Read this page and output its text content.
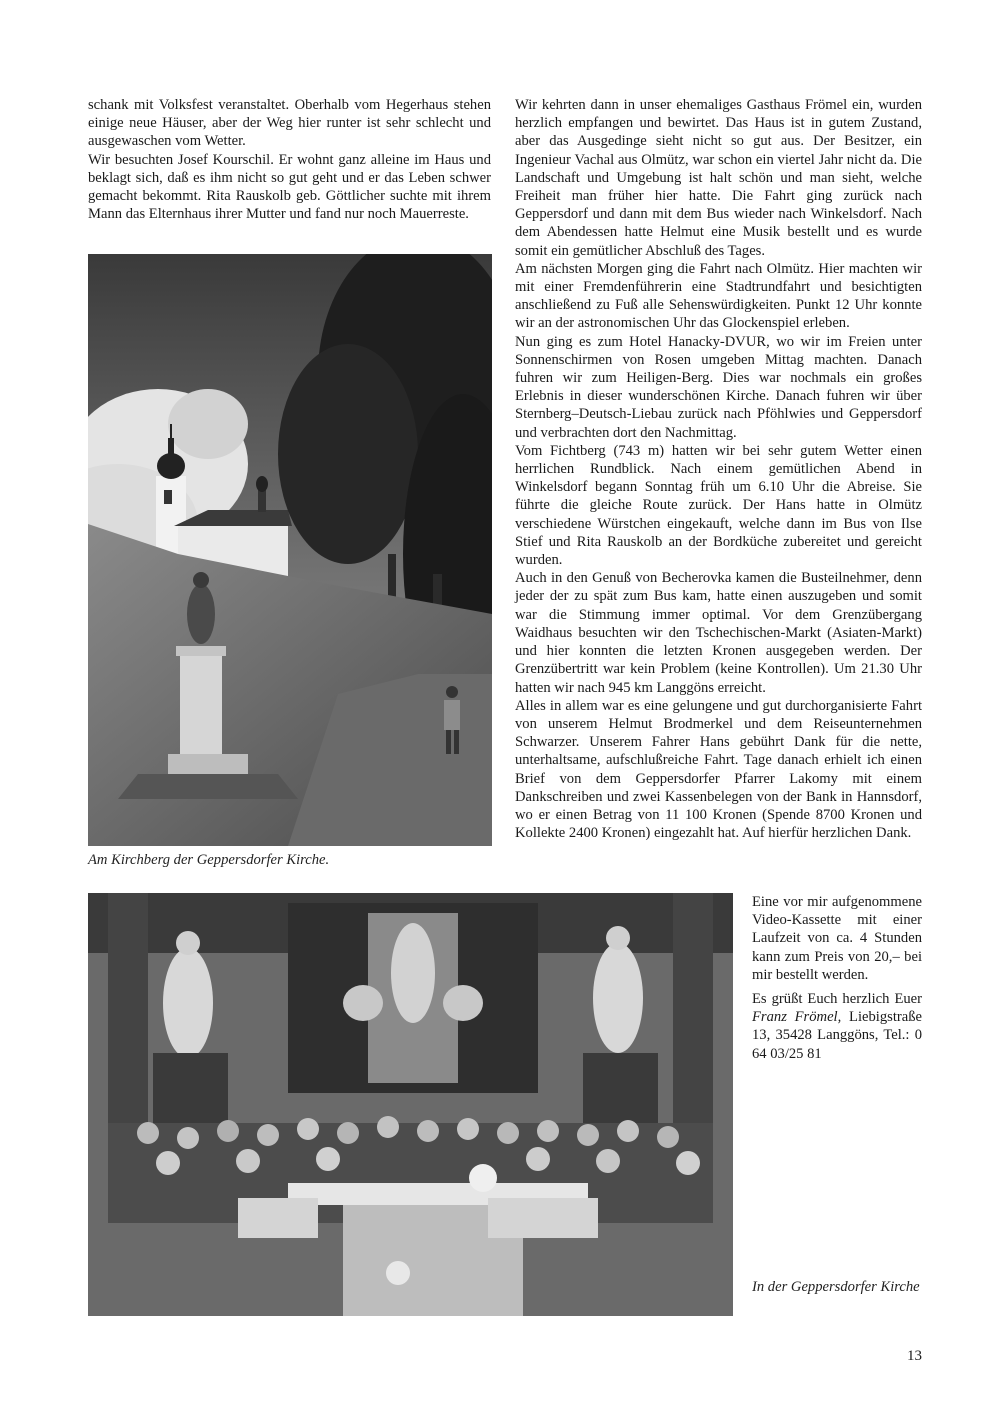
schank mit Volksfest veranstaltet. Oberhalb vom Hegerhaus stehen einige neue Häuser, aber der Weg hier runter ist sehr schlecht und ausgewaschen vom Wetter.

Wir besuchten Josef Kourschil. Er wohnt ganz alleine im Haus und beklagt sich, daß es ihm nicht so gut geht und er das Leben schwer gemacht bekommt. Rita Rauskolb geb. Göttlicher suchte mit ihrem Mann das Elternhaus ihrer Mutter und fand nur noch Mauerreste.

Am Kirchberg der Geppersdorfer Kirche.

Wir kehrten dann in unser ehemaliges Gasthaus Frömel ein, wurden herzlich empfangen und bewirtet. Das Haus ist in gutem Zustand, aber das Ausgedinge sieht nicht so gut aus. Der Besitzer, ein Ingenieur Vachal aus Olmütz, war schon ein viertel Jahr nicht da. Die Landschaft und Umgebung ist halt schön und man sieht, welche Freiheit man früher hier hatte. Die Fahrt ging zurück nach Geppersdorf und dann mit dem Bus wieder nach Winkelsdorf. Nach dem Abendessen hatte Helmut eine Musik bestellt und es wurde somit ein gemütlicher Abschluß des Tages.

Am nächsten Morgen ging die Fahrt nach Olmütz. Hier machten wir mit einer Fremdenführerin eine Stadtrundfahrt und besichtigten anschließend zu Fuß alle Sehenswürdigkeiten. Punkt 12 Uhr konnte wir an der astronomischen Uhr das Glockenspiel erleben.

Nun ging es zum Hotel Hanacky-DVUR, wo wir im Freien unter Sonnenschirmen von Rosen umgeben Mittag machten. Danach fuhren wir zum Heiligen-Berg. Dies war nochmals ein großes Erlebnis in dieser wunderschönen Kirche. Danach fuhren wir über Sternberg–Deutsch-Liebau zurück nach Pföhlwies und Geppersdorf und verbrachten dort den Nachmittag.

Vom Fichtberg (743 m) hatten wir bei sehr gutem Wetter einen herrlichen Rundblick. Nach einem gemütlichen Abend in Winkelsdorf begann Sonntag früh um 6.10 Uhr die Abreise. Sie führte die gleiche Route zurück. Der Hans hatte in Olmütz verschiedene Würstchen eingekauft, welche dann im Bus von Ilse Stief und Rita Rauskolb an der Bordküche zubereitet und gereicht wurden.

Auch in den Genuß von Becherovka kamen die Busteilnehmer, denn jeder der zu spät zum Bus kam, hatte einen auszugeben und somit war die Stimmung immer optimal. Vor dem Grenzübergang Waidhaus besuchten wir den Tschechischen-Markt (Asiaten-Markt) und hier konnten die letzten Kronen ausgegeben werden. Der Grenzübertritt war kein Problem (keine Kontrollen). Um 21.30 Uhr hatten wir nach 945 km Langgöns erreicht.

Alles in allem war es eine gelungene und gut durchorganisierte Fahrt von unserem Helmut Brodmerkel und dem Reiseunternehmen Schwarzer. Unserem Fahrer Hans gebührt Dank für die nette, unterhaltsame, aufschlußreiche Fahrt. Tage danach erhielt ich einen Brief von dem Geppersdorfer Pfarrer Lakomy mit einem Dankschreiben und zwei Kassenbelegen von der Bank in Hannsdorf, wo er einen Betrag von 11 100 Kronen (Spende 8700 Kronen und Kollekte 2400 Kronen) eingezahlt hat. Auf hierfür herzlichen Dank.

Eine vor mir aufgenommene Video-Kassette mit einer Laufzeit von ca. 4 Stunden kann zum Preis von 20,– bei mir bestellt werden.

Es grüßt Euch herzlich Euer Franz Frömel, Liebigstraße 13, 35428 Langgöns, Tel.: 0 64 03/25 81

In der Geppersdorfer Kirche
13
